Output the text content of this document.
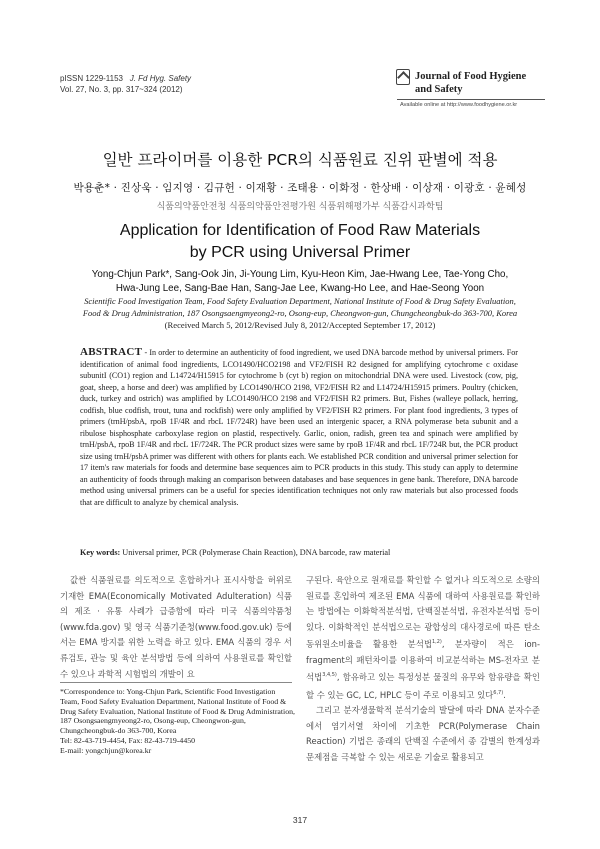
pISSN 1229-1153 J. Fd Hyg. Safety
Vol. 27, No. 3, pp. 317~324 (2012)
Journal of Food Hygiene
and Safety
Available online at http://www.foodhygiene.or.kr
일반 프라이머를 이용한 PCR의 식품원료 진위 판별에 적용
박용춘* · 진상욱 · 임지영 · 김규헌 · 이재황 · 조태용 · 이화정 · 한상배 · 이상재 · 이광호 · 윤혜성
식품의약품안전청 식품의약품안전평가원 식품위해평가부 식품감시과학팀
Application for Identification of Food Raw Materials
by PCR using Universal Primer
Yong-Chjun Park*, Sang-Ook Jin, Ji-Young Lim, Kyu-Heon Kim, Jae-Hwang Lee, Tae-Yong Cho,
Hwa-Jung Lee, Sang-Bae Han, Sang-Jae Lee, Kwang-Ho Lee, and Hae-Seong Yoon
Scientific Food Investigation Team, Food Safety Evaluation Department, National Institute of Food & Drug Safety Evaluation,
Food & Drug Administration, 187 Osongsaengmyeong2-ro, Osong-eup, Cheongwon-gun, Chungcheongbuk-do 363-700, Korea
(Received March 5, 2012/Revised July 8, 2012/Accepted September 17, 2012)
ABSTRACT - In order to determine an authenticity of food ingredient, we used DNA barcode method by universal primers. For identification of animal food ingredients, LCO1490/HCO2198 and VF2/FISH R2 designed for amplifying cytochrome c oxidase subunitI (CO1) region and L14724/H15915 for cytochrome b (cyt b) region on mitochondrial DNA were used. Livestock (cow, pig, goat, sheep, a horse and deer) was amplified by LCO1490/HCO 2198, VF2/FISH R2 and L14724/H15915 primers. Poultry (chicken, duck, turkey and ostrich) was amplified by LCO1490/HCO 2198 and VF2/FISH R2 primers. But, Fishes (walleye pollack, herring, codfish, blue codfish, trout, tuna and rockfish) were only amplified by VF2/FISH R2 primers. For plant food ingredients, 3 types of primers (trnH/psbA, rpoB 1F/4R and rbcL 1F/724R) have been used an intergenic spacer, a RNA polymerase beta subunit and a ribulose bisphosphate carboxylase region on plastid, respectively. Garlic, onion, radish, green tea and spinach were amplified by trnH/psbA, rpoB 1F/4R and rbcL 1F/724R. The PCR product sizes were same by rpoB 1F/4R and rbcL 1F/724R but, the PCR product size using trnH/psbA primer was different with others for plants each. We established PCR condition and universal primer selection for 17 item's raw materials for foods and determine base sequences aim to PCR products in this study. This study can apply to determine an authenticity of foods through making an comparison between databases and base sequences in gene bank. Therefore, DNA barcode method using universal primers can be a useful for species identification techniques not only raw materials but also processed foods that are difficult to analyze by chemical analysis.
Key words: Universal primer, PCR (Polymerase Chain Reaction), DNA barcode, raw material
값싼 식품원료를 의도적으로 혼합하거나 표시사항을 허위로 기재한 EMA(Economically Motivated Adulteration) 식품의 제조 · 유통 사례가 급증함에 따라 미국 식품의약품청(www.fda.gov) 및 영국 식품기준청(www.food.gov.uk) 등에서는 EMA 방지를 위한 노력을 하고 있다. EMA 식품의 경우 서류검토, 관능 및 육안 분석방법 등에 의하여 사용원료를 확인할 수 있으나 과학적 시험법의 개발이 요

구된다. 육안으로 원재료를 확인할 수 없거나 의도적으로 소량의 원료를 혼입하여 제조된 EMA 식품에 대하여 사용원료를 확인하는 방법에는 이화학적분석법, 단백질분석법, 유전자분석법 등이 있다. 이화학적인 분석법으로는 광합성의 대사경로에 따른 탄소동위원소비율을 활용한 분석법$^{1,2)}$, 분자량이 적은 ion-fragment의 패턴차이를 이용하여 비교분석하는 MS-전자코 분석법$^{3,4,5)}$, 함유하고 있는 특정성분 물질의 유무와 함유량을 확인할 수 있는 GC, LC, HPLC 등이 주로 이용되고 있다$^{6,7)}$.

그리고 분자생물학적 분석기술의 발달에 따라 DNA 분자수준에서 염기서열 차이에 기초한 PCR(Polymerase Chain Reaction) 기법은 종래의 단백질 수준에서 종 감별의 한계성과 문제점을 극복할 수 있는 새로운 기술로 활용되고

*Correspondence to: Yong-Chjun Park, Scientific Food Investigation Team, Food Safety Evaluation Department, National Institute of Food & Drug Safety Evaluation, National Institute of Food & Drug Administration, 187 Osongsaengmyeong2-ro, Osong-eup, Cheongwon-gun, Chungcheongbuk-do 363-700, Korea
Tel: 82-43-719-4454, Fax: 82-43-719-4450
E-mail: yongchjun@korea.kr
317
